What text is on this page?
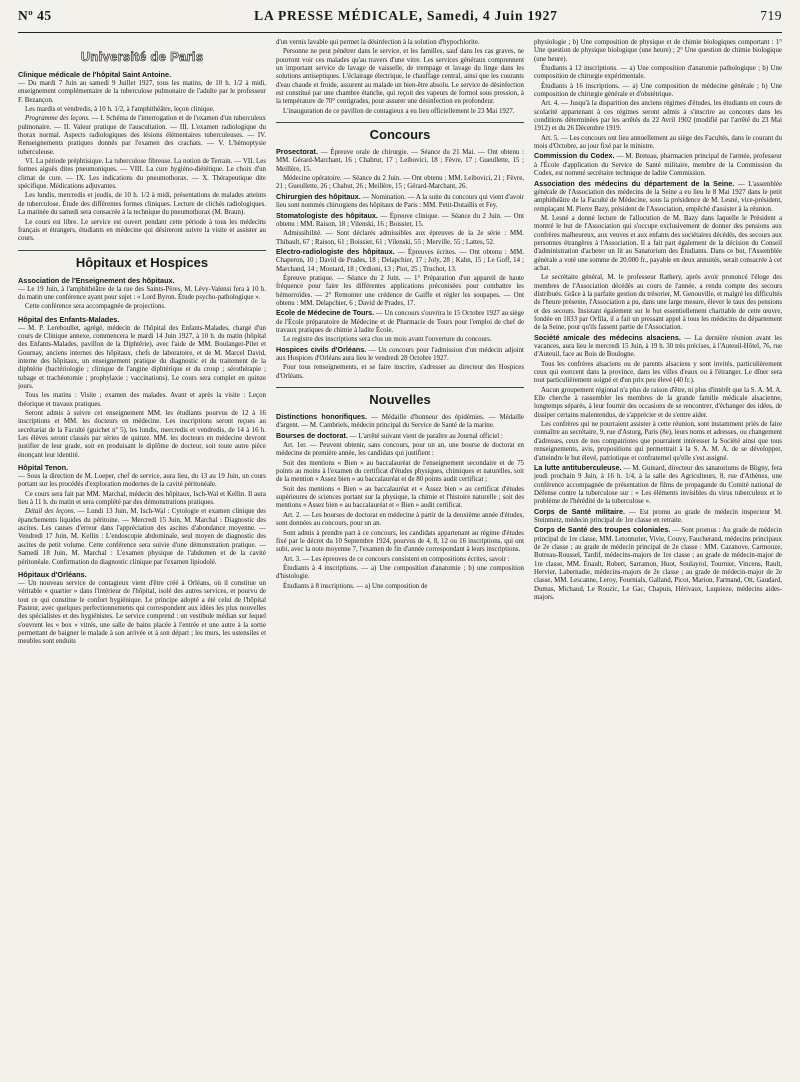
Nº 45	LA PRESSE MÉDICALE, Samedi, 4 Juin 1927	719
Université de Paris
Clinique médicale de l'hôpital Saint Antoine.

— Du mardi 7 Juin au samedi 9 Juillet 1927, tous les matins, de 10 h. 1/2 à midi, enseignement complémentaire de la tuberculose pulmonaire de l'adulte par le professeur F. Bezançon.

Les mardis et vendredis, à 10 h. 1/2, à l'amphithéâtre, leçon clinique.

Programme des leçons. — I. Schéma de l'interrogation et de l'examen d'un tuberculeux pulmonaire. — II. Valeur pratique de l'auscultation. — III. L'examen radiologique du thorax normal. Aspects radiologiques des lésions élémentaires tuberculeuses. — IV. Renseignements pratiques donnés par l'examen des crachats. — V. L'hémoptysie tuberculeuse.

VI. La période préphtisique. La tuberculose fibreuse. La notion de Terrain. — VII. Les formes aiguës dites pneumoniques. — VIII. La cure hygiéno-diététique. Le choix d'un climat de cure. — IX. Les indications du pneumothorax. — X. Thérapeutique dite spécifique. Médications adjuvantes.

Les lundis, mercredis et jeudis, de 10 h. 1/2 à midi, présentations de malades atteints de tuberculose. Étude des différentes formes cliniques. Lecture de clichés radiologiques. La matinée du samedi sera consacrée à la technique du pneumothorax (M. Braun).

Le cours est libre. Le service est ouvert pendant cette période à tous les médecins français et étrangers, étudiants en médecine qui désireront suivre la visite et assister au cours.

Hôpitaux et Hospices
Association de l'Enseignement des hôpitaux.

— Le 19 Juin, à l'amphithéâtre de la rue des Saints-Pères, M. Lévy-Valensi fera à 10 h. du matin une conférence ayant pour sujet : « Lord Byron. Étude psycho-pathologique ».

Cette conférence sera accompagnée de projections.

Hôpital des Enfants-Malades.

— M. P. Lereboullet, agrégé, médecin de l'hôpital des Enfants-Malades, chargé d'un cours de Clinique annexe, commencera le mardi 14 Juin 1927, à 10 h. du matin (hôpital des Enfants-Malades, pavillon de la Diphtérie), avec l'aide de MM. Boulanger-Pilet et Gournay, anciens internes des hôpitaux, chefs de laboratoire, et de M. Marcel David, interne des hôpitaux, un enseignement pratique du diagnostic et du traitement de la diphtérie (bactériologie ; clinique de l'angine diphtérique et du croup ; sérothérapie ; tubage et trachéotomie ; prophylaxie ; vaccinations). Le cours sera complet en quinze jours.

Tous les matins : Visite ; examen des malades. Avant et après la visite : Leçon théorique et travaux pratiques.

Seront admis à suivre cet enseignement MM. les étudiants pourvus de 12 à 16 inscriptions et MM. les docteurs en médecine. Les inscriptions seront reçues au secrétariat de la Faculté (guichet nº 5), les lundis, mercredis et vendredis, de 14 à 16 h. Les élèves seront classés par séries de quinze. MM. les docteurs en médecine devront justifier de leur grade, soit en produisant le diplôme de docteur, soit toute autre pièce énonçant leur identité.

Hôpital Tenon.

— Sous la direction de M. Loeper, chef de service, aura lieu, du 13 au 19 Juin, un cours portant sur les procédés d'exploration modernes de la cavité péritonéale.

Ce cours sera fait par MM. Marchal, médecin des hôpitaux, Isch-Wal et Kellin. Il aura lieu à 11 h. du matin et sera complété par des démonstrations pratiques.

Détail des leçons. — Lundi 13 Juin, M. Isch-Wal : Cytologie et examen clinique des épanchements liquides du péritoine. — Mercredi 15 Juin, M. Marchal : Diagnostic des ascites. Les causes d'erreur dans l'appréciation des ascites d'abondance moyenne. — Vendredi 17 Juin, M. Kellin : L'endoscopie abdominale, seul moyen de diagnostic des ascites de petit volume. Cette conférence sera suivie d'une démonstration pratique. — Samedi 18 Juin, M. Marchal : L'examen physique de l'abdomen et de la cavité péritonéale. Confirmation du diagnostic clinique par l'examen lipiodolé.

Hôpitaux d'Orléans.

— Un nouveau service de contagieux vient d'être créé à Orléans, où il constitue un véritable « quartier » dans l'intérieur de l'hôpital, isolé des autres services, et pourvu de tout ce qui constitue le confort hygiénique. Le principe adopté a été celui de l'hôpital Pasteur, avec quelques perfectionnements qui correspondent aux idées les plus nouvelles des spécialistes et des hygiénistes. Le service comprend : un vestibule médian sur lequel s'ouvrent les « box » vitrés, une salle de bains placée à l'entrée et une autre à la sortie permettant de baigner le malade à son arrivée et à son départ ; les murs, les ustensiles et meubles sont enduits

d'un vernis lavable qui permet la désinfection à la solution d'hypochlorite.

Personne ne peut pénétrer dans le service, et les familles, sauf dans les cas graves, ne pourront voir ces malades qu'au travers d'une vitre. Les services généraux comprennent un important service de lavage de vaisselle, de trempage et lavage du linge dans les solutions antiseptiques. L'éclairage électrique, le chauffage central, ainsi que les courants d'eau chaude et froide, assurent au malade un bien-être absolu. Le service de désinfection est constitué par une chambre étanche, qui reçoit des vapeurs de formol sous pression, à la température de 70° centigrades, pour assurer une désinfection en profondeur.

L'inauguration de ce pavillon de contagieux a eu lieu officiellement le 23 Mai 1927.

Concours

Prosectorat. — Épreuve orale de chirurgie. — Séance du 21 Mai. — Ont obtenu : MM. Gérard-Marchant, 16 ; Chabrut, 17 ; Leibovici, 18 ; Fèvre, 17 ; Gueullette, 15 ; Meillère, 15.

Médecine opératoire. — Séance du 2 Juin. — Ont obtenu : MM. Leibovici, 21 ; Fèvre, 21 ; Gueullette, 26 ; Chabut, 26 ; Meillère, 15 ; Gérard-Marchant, 26.

Chirurgien des hôpitaux. — Nomination. — A la suite du concours qui vient d'avoir lieu sont nommés chirurgiens des hôpitaux de Paris : MM. Petit-Dutaillis et Fey.

Stomatologiste des hôpitaux. — Épreuve clinique. — Séance du 2 Juin. — Ont obtenu : MM. Raison, 18 ; Vilenski, 16 ; Boissier, 15.

Admissibilité. — Sont déclarés admissibles aux épreuves de la 2e série : MM. Thibault, 67 ; Raison, 61 ; Boissier, 61 ; Vilenski, 55 ; Merville, 55 ; Lattes, 52.

Electro-radiologiste des hôpitaux. — Épreuves écrites. — Ont obtenu : MM. Chaperon, 10 ; David de Prades, 18 ; Delapchier, 17 ; Joly, 28 ; Kahn, 15 ; Le Goff, 14 ; Marchand, 14 ; Moutard, 18 ; Ordioni, 13 ; Piot, 25 ; Truchot, 13.

Épreuve pratique. — Séance du 2 Juin. — 1° Préparation d'un appareil de haute fréquence pour faire les différentes applications préconisées pour combattre les hémorroïdes. — 2° Remonter une crédence de Gaiffe et régler les soupapes. — Ont obtenu : MM. Delapchier, 6 ; David de Prades, 17.

Ecole de Médecine de Tours. — Un concours s'ouvrira le 15 Octobre 1927 au siège de l'École préparatoire de Médecine et de Pharmacie de Tours pour l'emploi de chef de travaux pratiques de chimie à ladite École.

Le registre des inscriptions sera clos un mois avant l'ouverture du concours.

Hospices civils d'Orléans. — Un concours pour l'admission d'un médecin adjoint aux Hospices d'Orléans aura lieu le vendredi 28 Octobre 1927.

Pour tous renseignements, et se faire inscrire, s'adresser au directeur des Hospices d'Orléans.

Nouvelles

Distinctions honorifiques. — Médaille d'honneur des épidémies. — Médaille d'argent. — M. Cambriels, médecin principal du Service de Santé de la marine.

Bourses de doctorat. — L'arrêté suivant vient de paraître au Journal officiel :

Art. 1er. — Peuvent obtenir, sans concours, pour un an, une bourse de doctorat en médecine de première année, les candidats qui justifient :

Soit des mentions « Bien » au baccalauréat de l'enseignement secondaire et de 75 points au moins à l'examen du certificat d'études physiques, chimiques et naturelles, soit de la mention « Assez bien » au baccalauréat et de 80 points audit certificat ;

Soit des mentions « Bien » au baccalauréat et « Assez bien » au certificat d'études supérieures de sciences portant sur la physique, la chimie et l'histoire naturelle ; soit des mentions « Assez bien » au baccalauréat et « Bien » audit certificat.

Art. 2. — Les bourses de doctorat en médecine à partir de la deuxième année d'études, sont données au concours, pour un an.

Sont admis à prendre part à ce concours, les candidats appartenant au régime d'études fixé par le décret du 10 Septembre 1924, pourvus de 4, 8, 12 ou 16 inscriptions, qui ont subi, avec la note moyenne 7, l'examen de fin d'année correspondant à leurs inscriptions.

Art. 3. — Les épreuves de ce concours consistent en compositions écrites, savoir :

Étudiants à 4 inscriptions. — a) Une composition d'anatomie ; b) une composition d'histologie.

Étudiants à 8 inscriptions. — a) Une composition de

physiologie ; b) Une composition de physique et de chimie biologiques comportant : 1° Une question de physique biologique (une heure) ; 2° Une question de chimie biologique (une heure).

Étudiants à 12 inscriptions. — a) Une composition d'anatomie pathologique ; b) Une composition de chirurgie expérimentale.

Étudiants à 16 inscriptions. — a) Une composition de médecine générale ; b) Une composition de chirurgie générale et d'obstétrique.

Art. 4. — Jusqu'à la disparition des anciens régimes d'études, les étudiants en cours de scolarité appartenant à ces régimes seront admis à s'inscrire au concours dans les conditions déterminées par les arrêtés du 22 Avril 1902 (modifié par l'arrêté du 23 Mai 1912) et du 26 Décembre 1919.

Art. 5. — Les concours ont lieu annuellement au siège des Facultés, dans le courant du mois d'Octobre, au jour fixé par le ministre.

Commission du Codex. — M. Breteau, pharmacien principal de l'armée, professeur à l'École d'application du Service de Santé militaire, membre de la Commission du Codex, est nommé secrétaire technique de ladite Commission.

Association des médecins du département de la Seine. — L'assemblée générale de l'Association des médecins de la Seine a eu lieu le 8 Mai 1927 dans le petit amphithéâtre de la Faculté de Médecine, sous la présidence de M. Lesné, vice-président, remplaçant M. Pierre Bazy, président de l'Association, empêché d'assister à la réunion.

M. Lesné a donné lecture de l'allocution de M. Bazy dans laquelle le Président a montré le but de l'Association qui s'occupe exclusivement de donner des pensions aux confrères malheureux, aux veuves et aux enfants des sociétaires décédés, des secours aux personnes étrangères à l'Association. Il a fait part également de la décision du Conseil d'administration d'acheter un lit au Sanatorium des Étudiants. Dans ce but, l'Assemblée générale a voté une somme de 20.000 fr., payable en deux annuités, serait consacrée à cet achat.

Le secrétaire général, M. le professeur Rathery, après avoir prononcé l'éloge des membres de l'Association décédés au cours de l'année, a rendu compte des secours distribués. Grâce à la parfaite gestion du trésorier, M. Genouville, et malgré les difficultés de l'heure présente, l'Association a pu, dans une large mesure, élever le taux des pensions et des secours. Insistant également sur le but essentiellement charitable de cette œuvre, fondée en 1833 par Orfila, il a fait un pressant appel à tous les médecins du département de la Seine, pour qu'ils fassent partie de l'Association.

Société amicale des médecins alsaciens. — La dernière réunion avant les vacances, aura lieu le mercredi 15 Juin, à 19 h. 30 très précises, à l'Auteuil-Hôtel, 76, rue d'Auteuil, face au Bois de Boulogne.

Tous les confrères alsaciens ou de parents alsaciens y sont invités, particulièrement ceux qui exercent dans la province, dans les villes d'eaux ou à l'étranger. Le dîner sera tout particulièrement soigné et d'un prix peu élevé (40 fr.).

Aucun groupement régional n'a plus de raison d'être, ni plus d'intérêt que la S. A. M. A. Elle cherche à rassembler les membres de la grande famille médicale alsacienne, longtemps séparés, à leur fournir des occasions de se rencontrer, d'échanger des idées, de dissiper certains malentendus, de s'apprécier et de s'entre aider.

Les confrères qui ne pourraient assister à cette réunion, sont instamment priés de faire connaître au secrétaire, 9, rue d'Astorg, Paris (8e), leurs noms et adresses, ou changement d'adresses, ceux de nos compatriotes que pourraient intéresser la Société ainsi que tous renseignements, avis, propositions qui permettrait à la S. A. M. A. de se développer, d'atteindre le but élevé, patriotique et confraternel qu'elle s'est assigné.

La lutte antituberculeuse. — M. Guinard, directeur des sanatoriums de Bligny, fera jeudi prochain 9 Juin, à 16 h. 1/4, à la salle des Agriculteurs, 8, rue d'Athènes, une conférence accompagnée de présentation de films de propagande du Comité national de Défense contre la tuberculose sur : « Les éléments invisibles du virus tuberculeux et le problème de l'hérédité de la tuberculose ».

Corps de Santé militaire. — Est promu au grade de médecin inspecteur M. Steinmetz, médecin principal de 1re classe en retraite.

Corps de Santé des troupes coloniales. — Sont promus : Au grade de médecin principal de 1re classe, MM. Letonturier, Vivie, Couvy, Faucherand, médecins principaux de 2e classe ; au grade de médecin principal de 2e classe : MM. Cazanove, Carmouze, Botreau-Roussel, Tardif, médecins-majors de 1re classe ; au grade de médecin-major de 1re classe, MM. Énault, Robert, Sarramon, Huot, Soulayrol, Tournier, Vincens, Rault, Hervier, Labernadie, médecins-majors de 2e classe ; au grade de médecin-major de 2e classe, MM. Lescanne, Leroy, Fournials, Galland, Picot, Marion, Farmand, Ott, Gaudard, Dumas, Michaud, Le Rouzic, Le Gac, Chapuis, Hérivaux, Luquieze, médecins aides-majors.
